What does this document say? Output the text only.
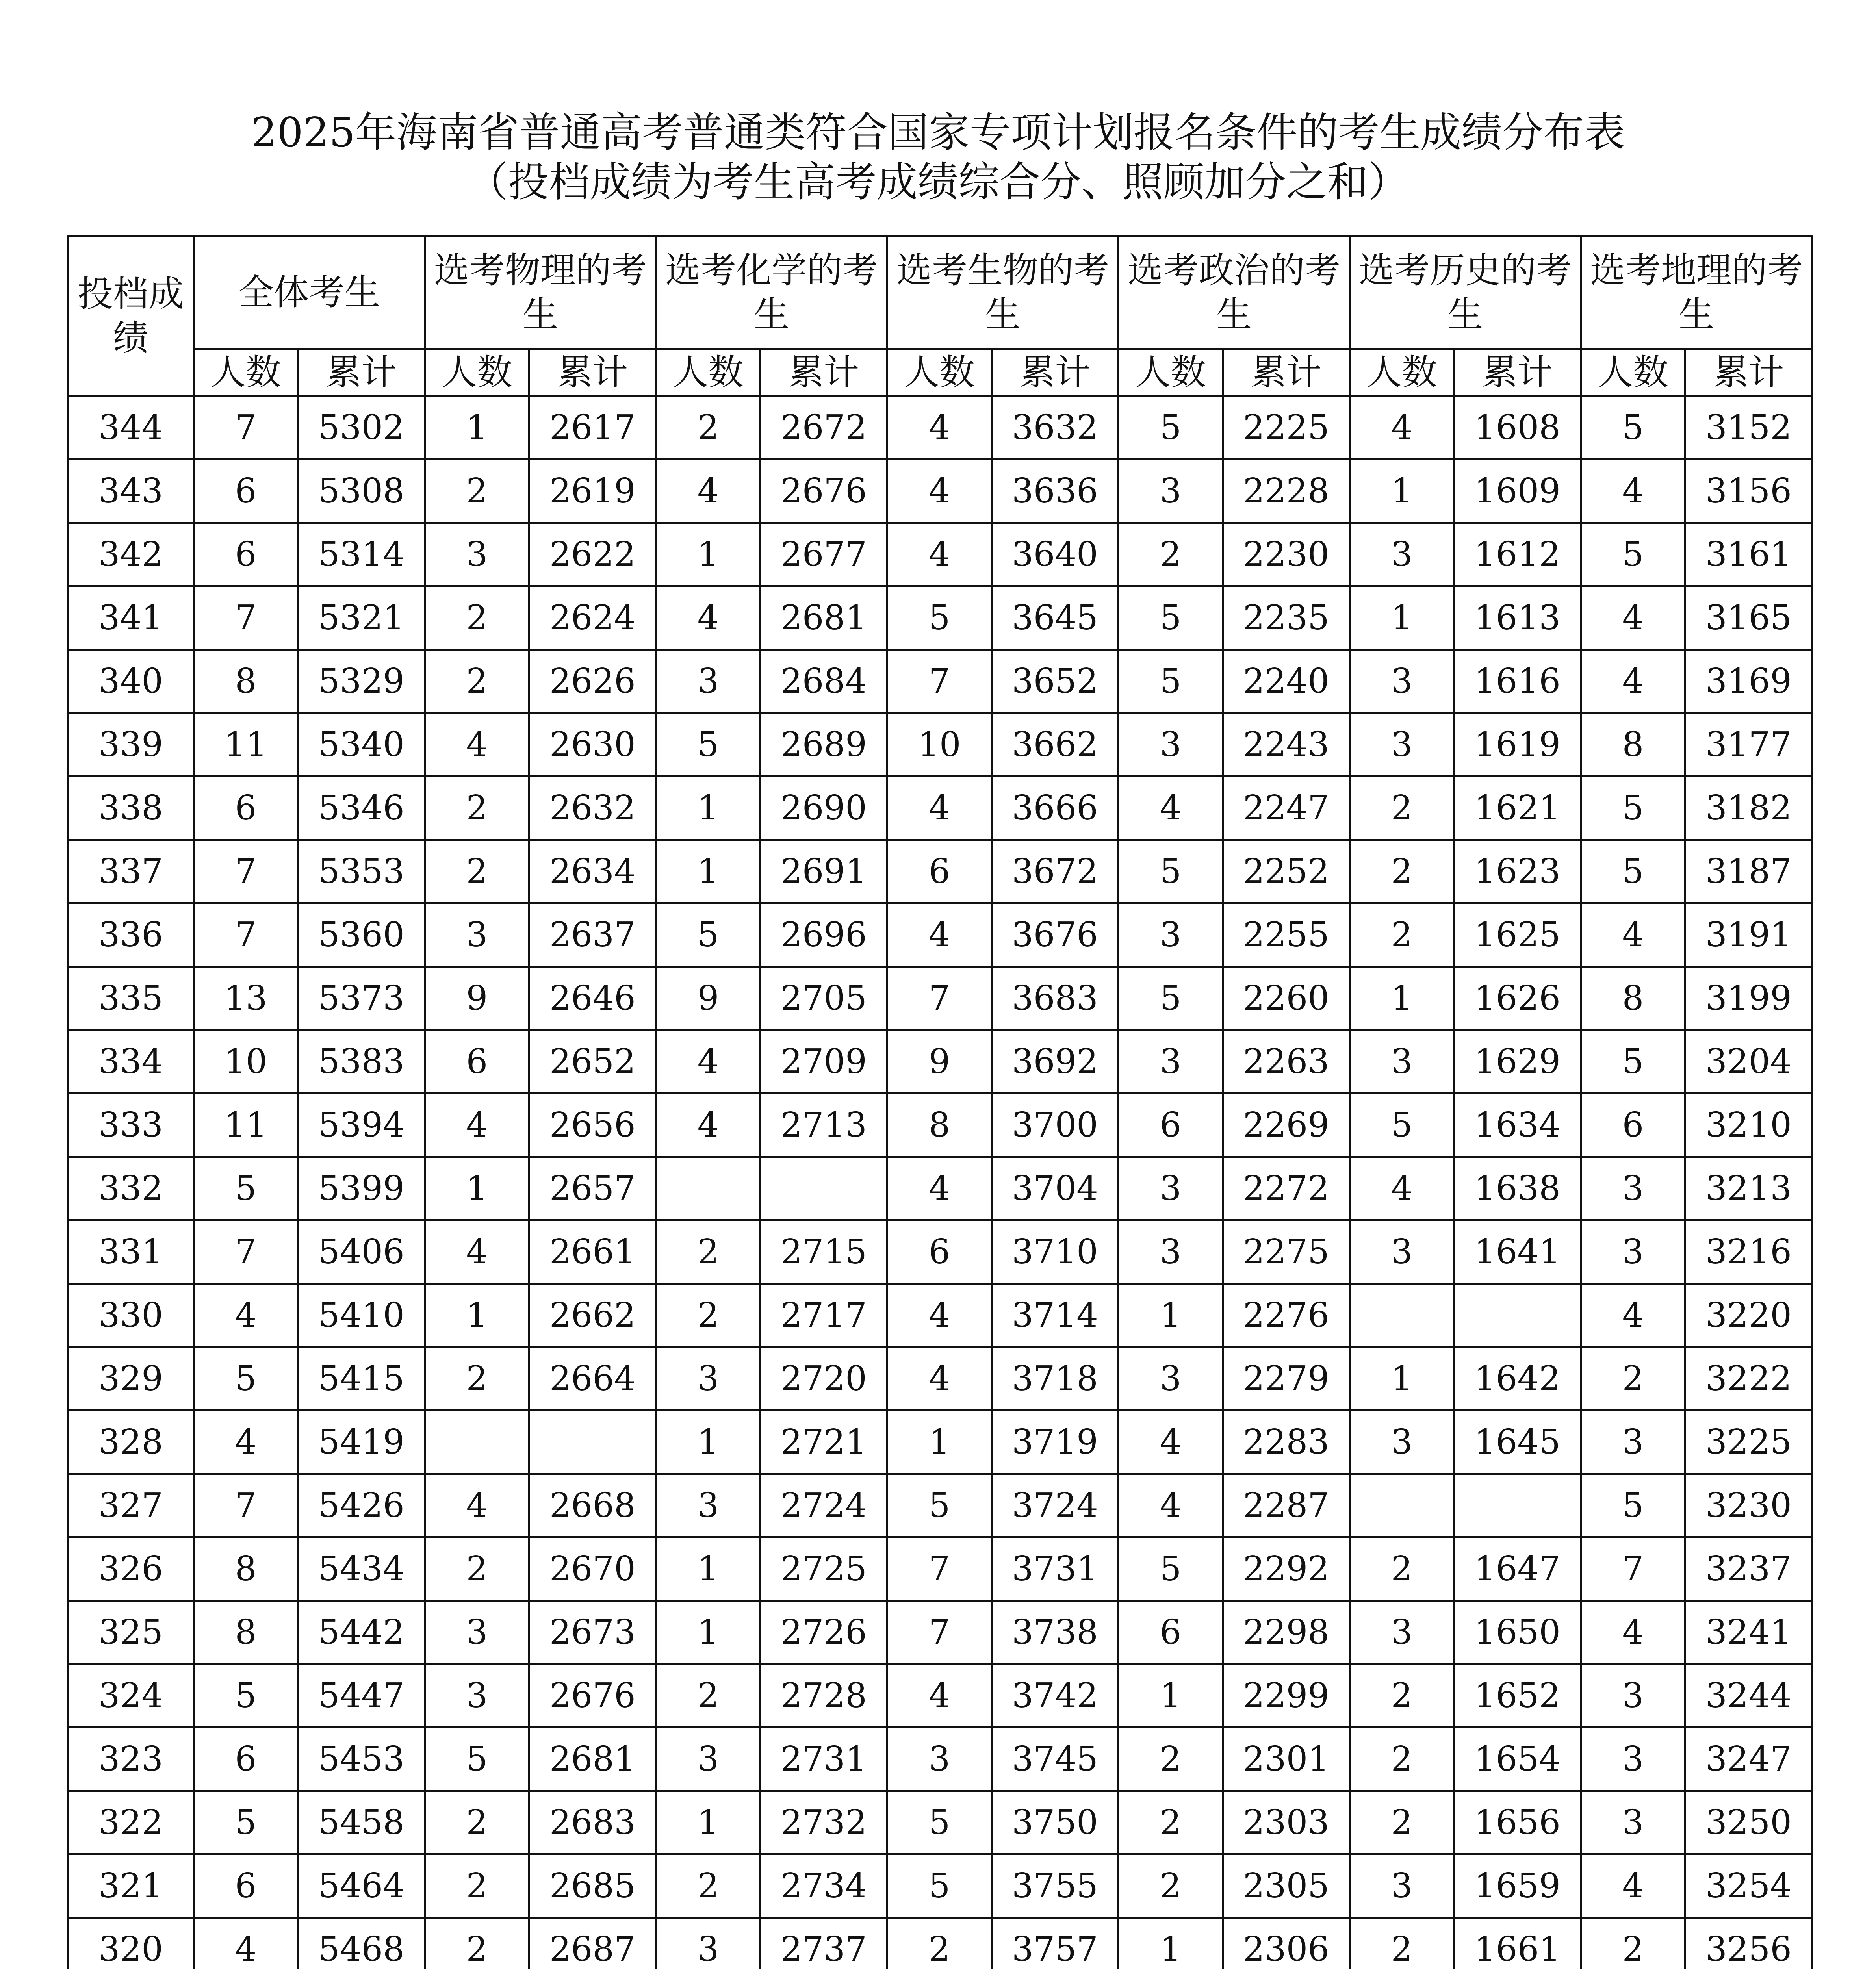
2025年海南省普通高考普通类符合国家专项计划报名条件的考生成绩分布表
（投档成绩为考生高考成绩综合分、照顾加分之和）
投档成绩	全体考生		选考物理的考生		选考化学的考生		选考生物的考生		选考政治的考生		选考历史的考生		选考地理的考生	
	人数	累计	人数	累计	人数	累计	人数	累计	人数	累计	人数	累计	人数	累计
344	7	5302	1	2617	2	2672	4	3632	5	2225	4	1608	5	3152
343	6	5308	2	2619	4	2676	4	3636	3	2228	1	1609	4	3156
342	6	5314	3	2622	1	2677	4	3640	2	2230	3	1612	5	3161
341	7	5321	2	2624	4	2681	5	3645	5	2235	1	1613	4	3165
340	8	5329	2	2626	3	2684	7	3652	5	2240	3	1616	4	3169
339	11	5340	4	2630	5	2689	10	3662	3	2243	3	1619	8	3177
338	6	5346	2	2632	1	2690	4	3666	4	2247	2	1621	5	3182
337	7	5353	2	2634	1	2691	6	3672	5	2252	2	1623	5	3187
336	7	5360	3	2637	5	2696	4	3676	3	2255	2	1625	4	3191
335	13	5373	9	2646	9	2705	7	3683	5	2260	1	1626	8	3199
334	10	5383	6	2652	4	2709	9	3692	3	2263	3	1629	5	3204
333	11	5394	4	2656	4	2713	8	3700	6	2269	5	1634	6	3210
332	5	5399	1	2657			4	3704	3	2272	4	1638	3	3213
331	7	5406	4	2661	2	2715	6	3710	3	2275	3	1641	3	3216
330	4	5410	1	2662	2	2717	4	3714	1	2276			4	3220
329	5	5415	2	2664	3	2720	4	3718	3	2279	1	1642	2	3222
328	4	5419			1	2721	1	3719	4	2283	3	1645	3	3225
327	7	5426	4	2668	3	2724	5	3724	4	2287			5	3230
326	8	5434	2	2670	1	2725	7	3731	5	2292	2	1647	7	3237
325	8	5442	3	2673	1	2726	7	3738	6	2298	3	1650	4	3241
324	5	5447	3	2676	2	2728	4	3742	1	2299	2	1652	3	3244
323	6	5453	5	2681	3	2731	3	3745	2	2301	2	1654	3	3247
322	5	5458	2	2683	1	2732	5	3750	2	2303	2	1656	3	3250
321	6	5464	2	2685	2	2734	5	3755	2	2305	3	1659	4	3254
320	4	5468	2	2687	3	2737	2	3757	1	2306	2	1661	2	3256
